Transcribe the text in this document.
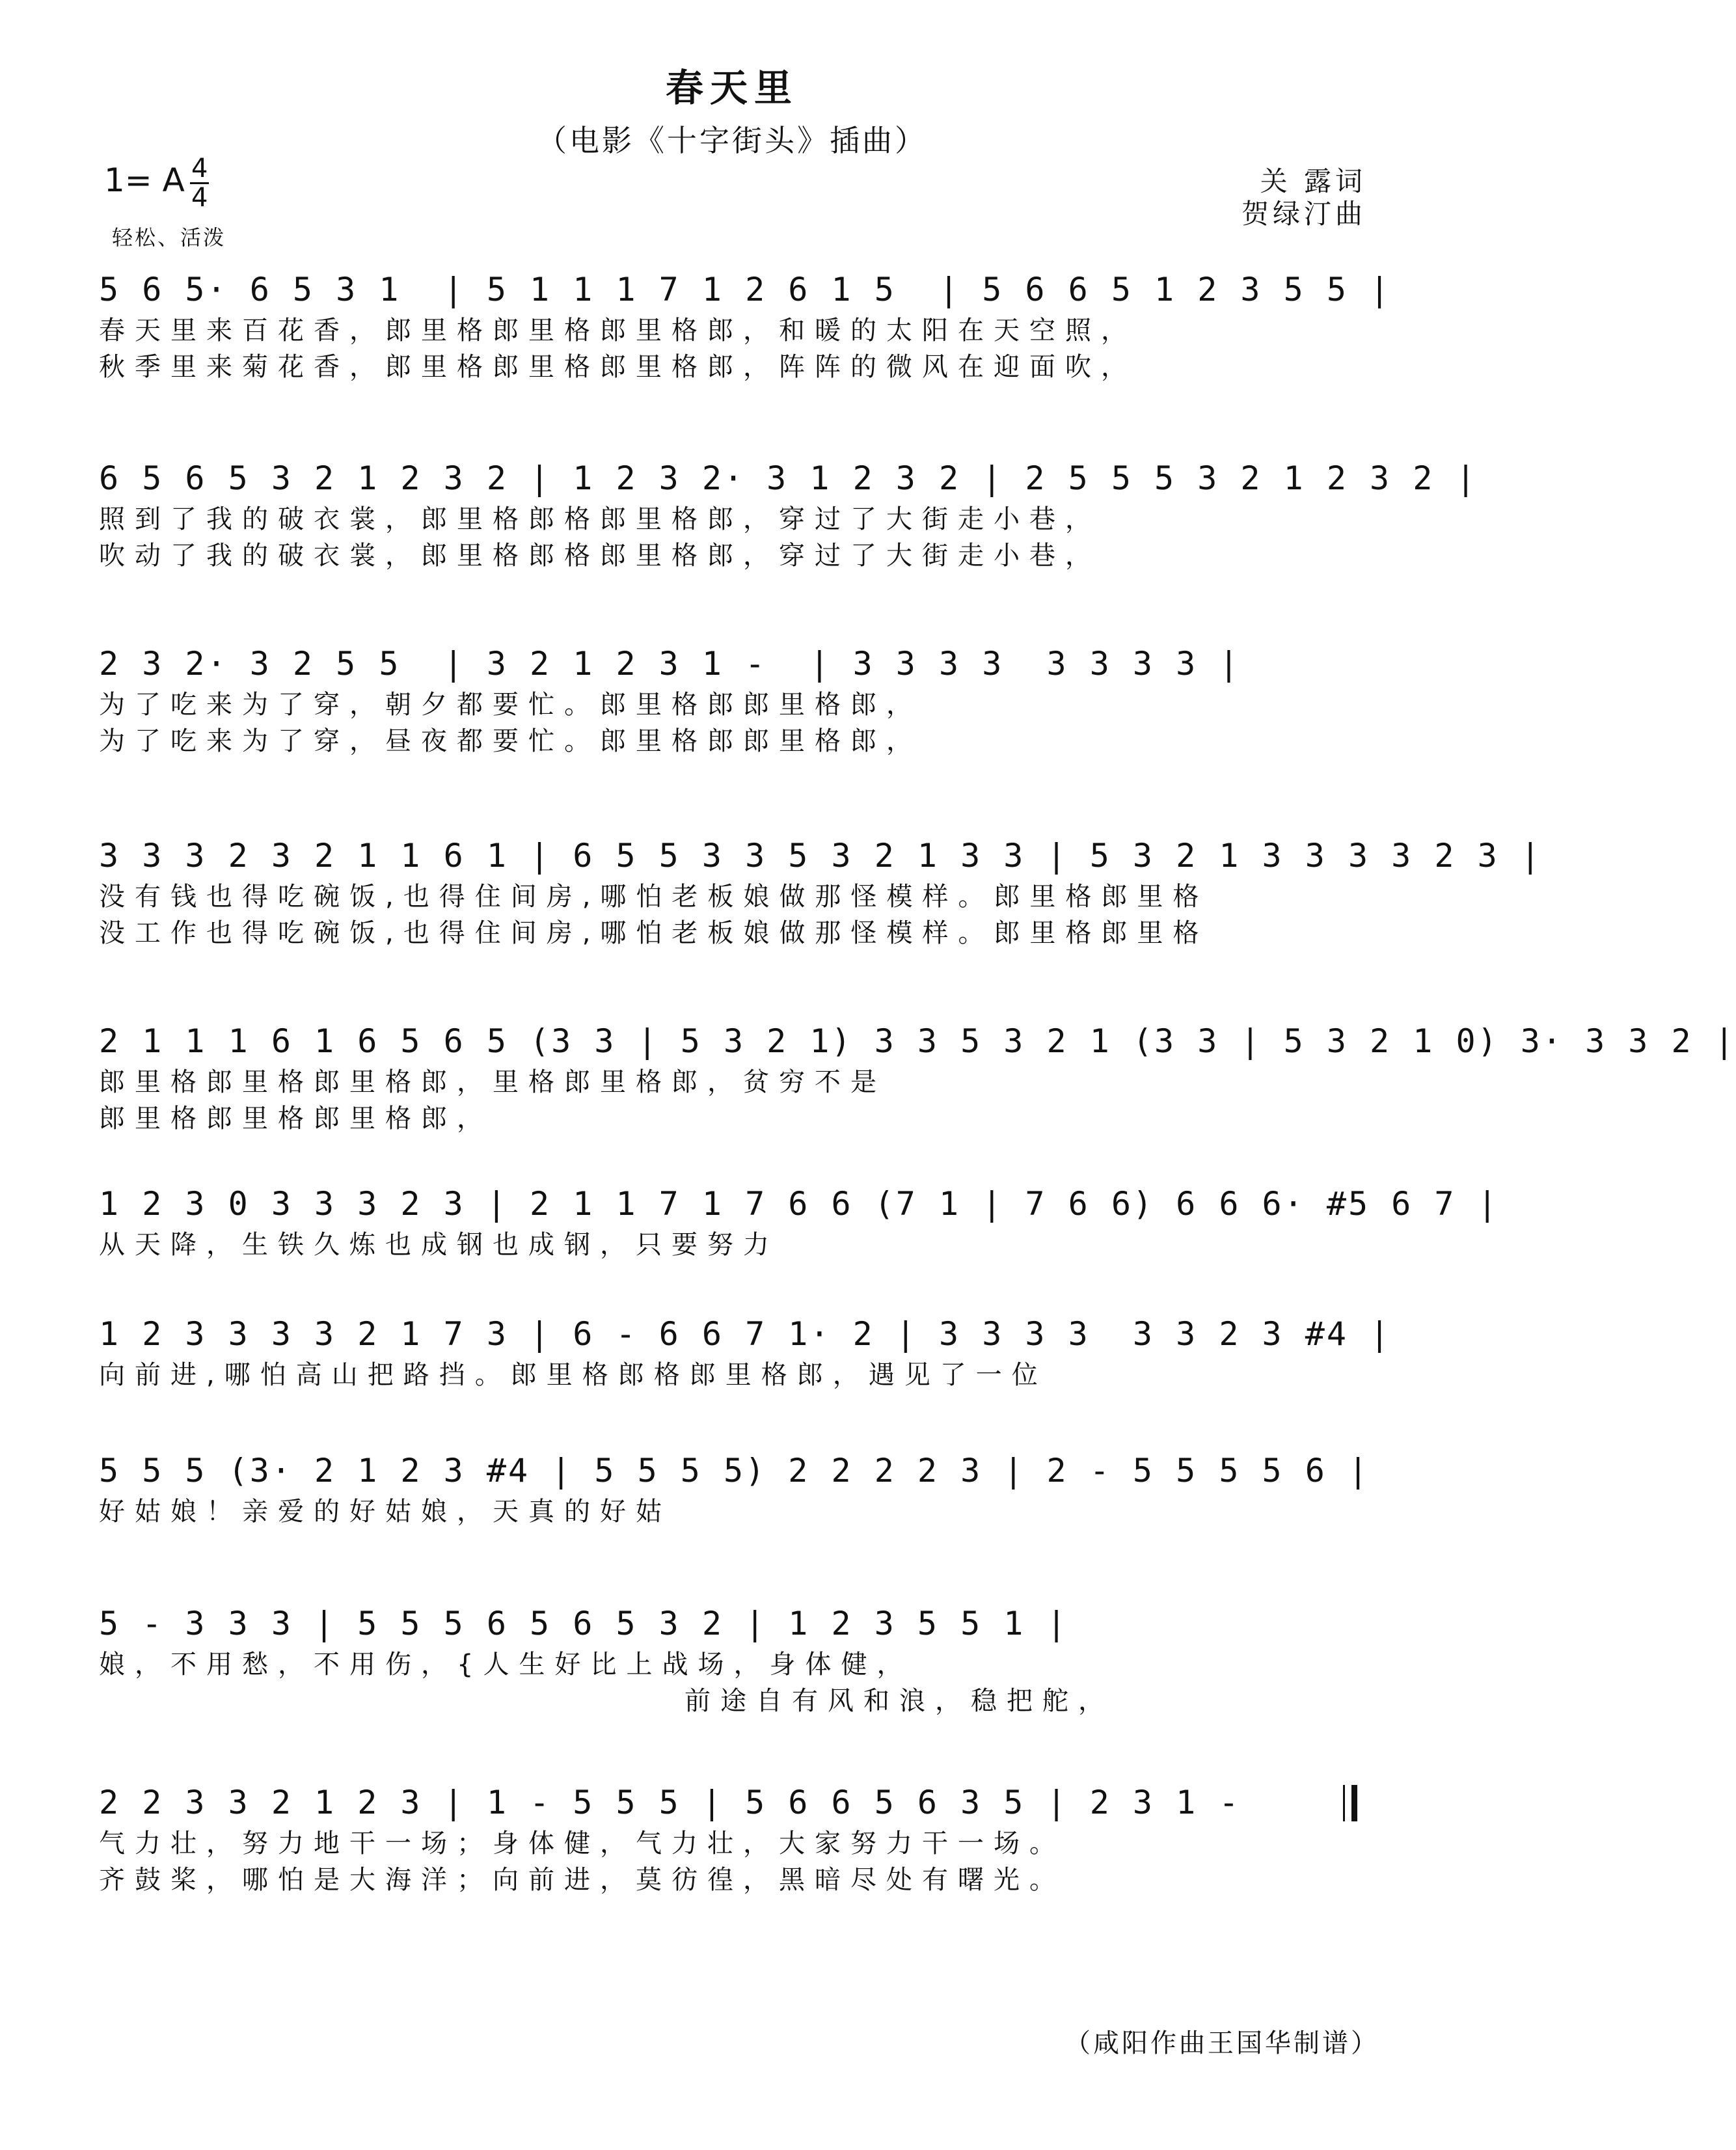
春天里
（电影《十字街头》插曲）
1= A $\frac{4}{4}$	关 露词
贺绿汀曲
轻松、活泼
5 6 5· 6 5 3 1  | 5 1 1 1 7 1 2 6 1 5  | 5 6 6 5 1 2 3 5 5 |
春天里来百花香，郎里格郎里格郎里格郎，和暖的太阳在天空照，
秋季里来菊花香，郎里格郎里格郎里格郎，阵阵的微风在迎面吹，
6 5 6 5 3 2 1 2 3 2 | 1 2 3 2· 3 1 2 3 2 | 2 5 5 5 3 2 1 2 3 2 |
照到了我的破衣裳，郎里格郎格郎里格郎，穿过了大街走小巷，
吹动了我的破衣裳，郎里格郎格郎里格郎，穿过了大街走小巷，
2 3 2· 3 2 5 5  | 3 2 1 2 3 1 -  | 3 3 3 3  3 3 3 3 |
为了吃来为了穿，朝夕都要忙。郎里格郎郎里格郎，
为了吃来为了穿，昼夜都要忙。郎里格郎郎里格郎，
3 3 3 2 3 2 1 1 6 1 | 6 5 5 3 3 5 3 2 1 3 3 | 5 3 2 1 3 3 3 3 2 3 |
没有钱也得吃碗饭,也得住间房,哪怕老板娘做那怪模样。郎里格郎里格
没工作也得吃碗饭,也得住间房,哪怕老板娘做那怪模样。郎里格郎里格
2 1 1 1 6 1 6 5 6 5 (3 3 | 5 3 2 1) 3 3 5 3 2 1 (3 3 | 5 3 2 1 0) 3· 3 3 2 |
郎里格郎里格郎里格郎，里格郎里格郎，贫穷不是
郎里格郎里格郎里格郎，
1 2 3 0 3 3 3 2 3 | 2 1 1 7 1 7 6 6 (7 1 | 7 6 6) 6 6 6· #5 6 7 |
从天降，生铁久炼也成钢也成钢，只要努力
1 2 3 3 3 3 2 1 7 3 | 6 - 6 6 7 1· 2 | 3 3 3 3  3 3 2 3 #4 |
向前进,哪怕高山把路挡。郎里格郎格郎里格郎，遇见了一位
5 5 5 (3· 2 1 2 3 #4 | 5 5 5 5) 2 2 2 2 3 | 2 - 5 5 5 5 6 |
好姑娘！亲爱的好姑娘，天真的好姑
5 - 3 3 3 | 5 5 5 6 5 6 5 3 2 | 1 2 3 5 5 1 |
娘，不用愁，不用伤，{人生好比上战场，身体健，
前途自有风和浪，稳把舵，
2 2 3 3 2 1 2 3 | 1 - 5 5 5 | 5 6 6 5 6 3 5 | 2 3 1 -
气力壮，努力地干一场；身体健，气力壮，大家努力干一场。
齐鼓桨，哪怕是大海洋；向前进，莫彷徨，黑暗尽处有曙光。
（咸阳作曲王国华制谱）
